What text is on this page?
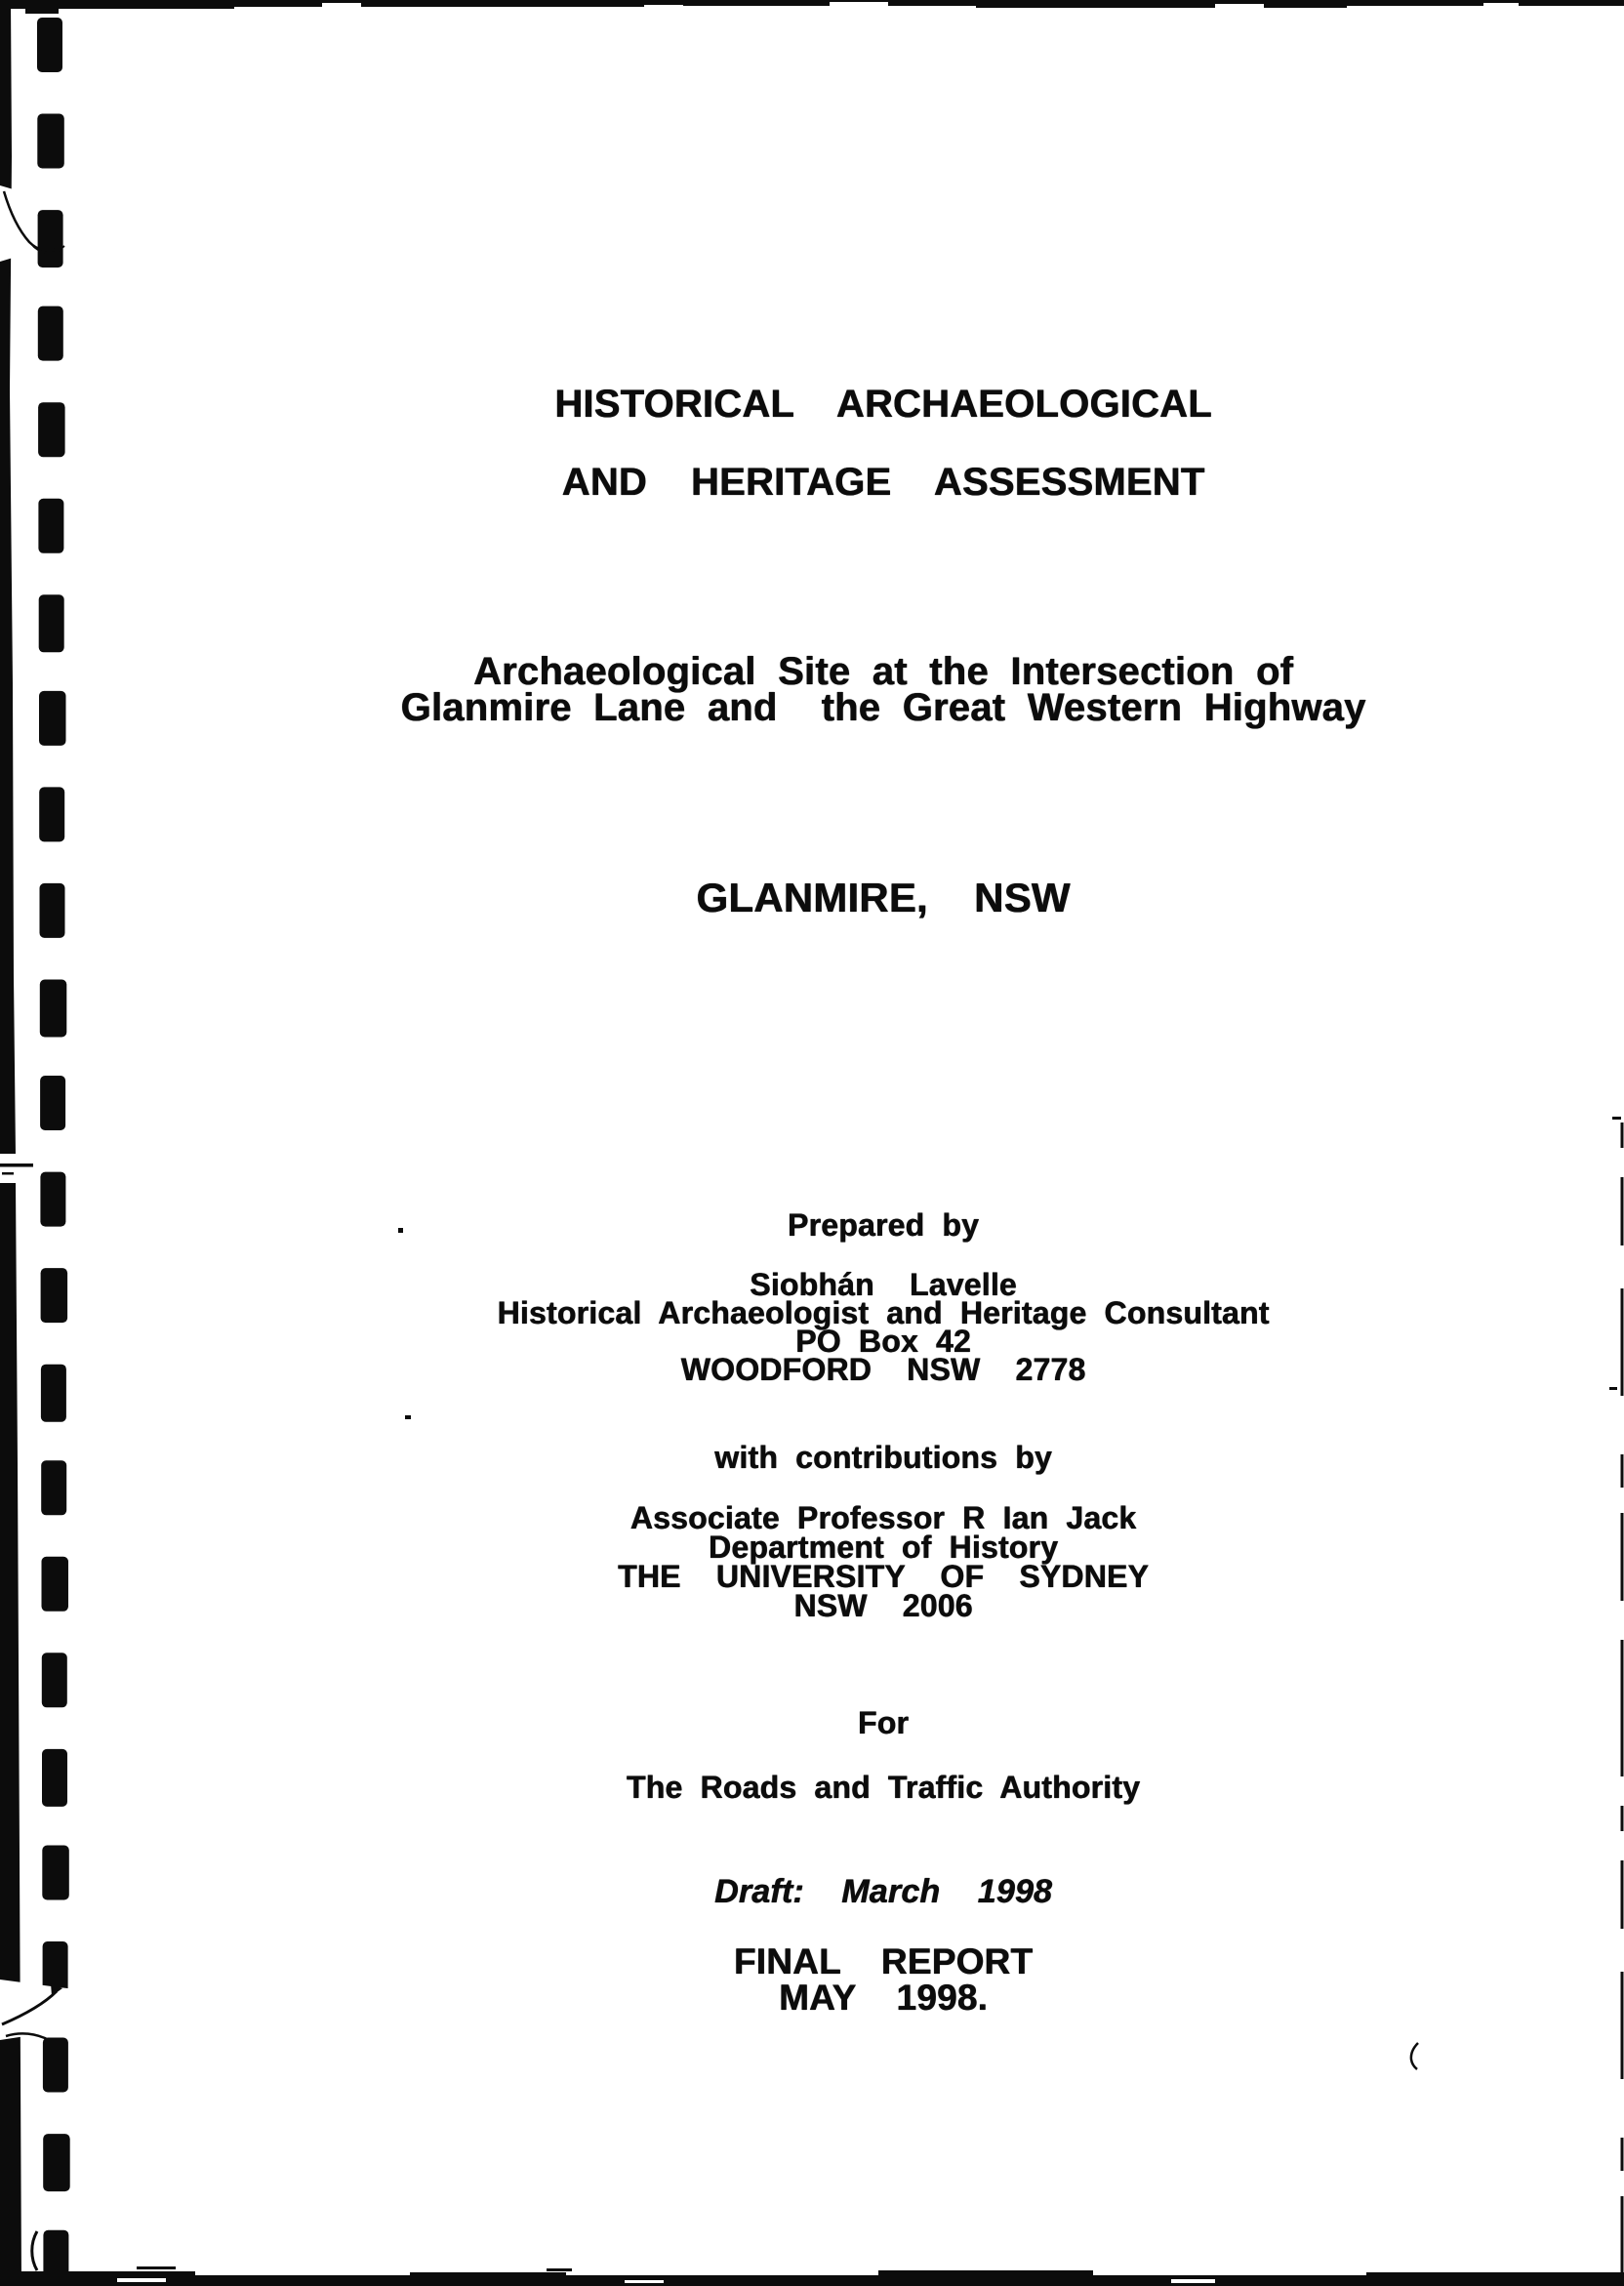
HISTORICAL  ARCHAEOLOGICAL
AND  HERITAGE  ASSESSMENT
Archaeological Site at the Intersection of
Glanmire Lane and  the Great Western Highway
GLANMIRE,  NSW
Prepared by
Siobhán  Lavelle
Historical Archaeologist and Heritage Consultant
PO Box 42
WOODFORD  NSW  2778
with contributions by
Associate Professor R Ian Jack
Department of History
THE  UNIVERSITY  OF  SYDNEY
NSW  2006
For
The Roads and Traffic Authority
Draft:  March  1998
FINAL  REPORT
MAY  1998.
